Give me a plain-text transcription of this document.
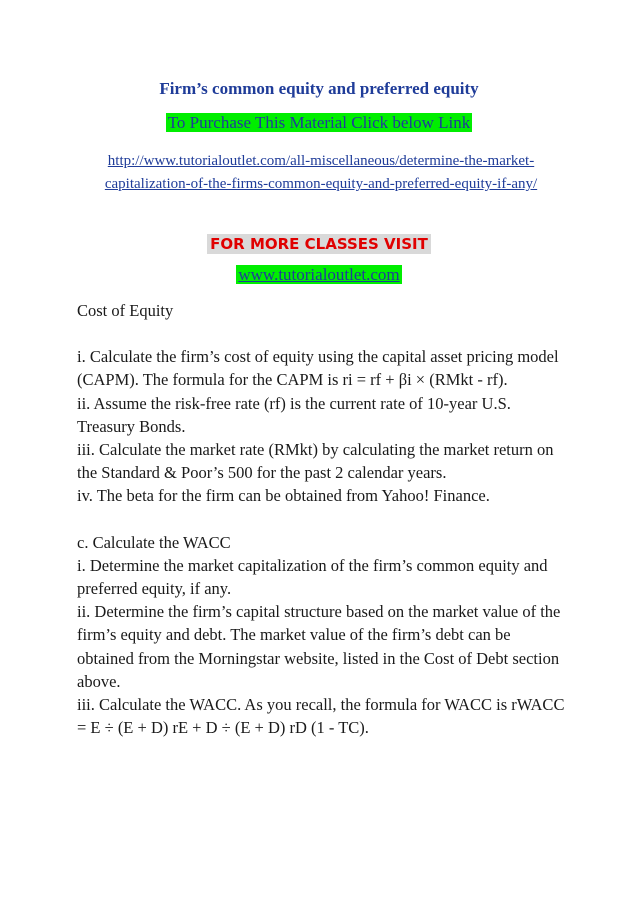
Firm’s common equity and preferred equity
To Purchase This Material Click below Link
http://www.tutorialoutlet.com/all-miscellaneous/determine-the-market-capitalization-of-the-firms-common-equity-and-preferred-equity-if-any/
FOR MORE CLASSES VISIT
www.tutorialoutlet.com

Cost of Equity

i. Calculate the firm’s cost of equity using the capital asset pricing model (CAPM). The formula for the CAPM is ri = rf + βi × (RMkt - rf).

ii. Assume the risk-free rate (rf) is the current rate of 10-year U.S. Treasury Bonds.

iii. Calculate the market rate (RMkt) by calculating the market return on the Standard & Poor’s 500 for the past 2 calendar years.

iv. The beta for the firm can be obtained from Yahoo! Finance.

c. Calculate the WACC

i. Determine the market capitalization of the firm’s common equity and preferred equity, if any.

ii. Determine the firm’s capital structure based on the market value of the firm’s equity and debt. The market value of the firm’s debt can be obtained from the Morningstar website, listed in the Cost of Debt section above.

iii. Calculate the WACC. As you recall, the formula for WACC is rWACC = E ÷ (E + D) rE + D ÷ (E + D) rD (1 - TC).
